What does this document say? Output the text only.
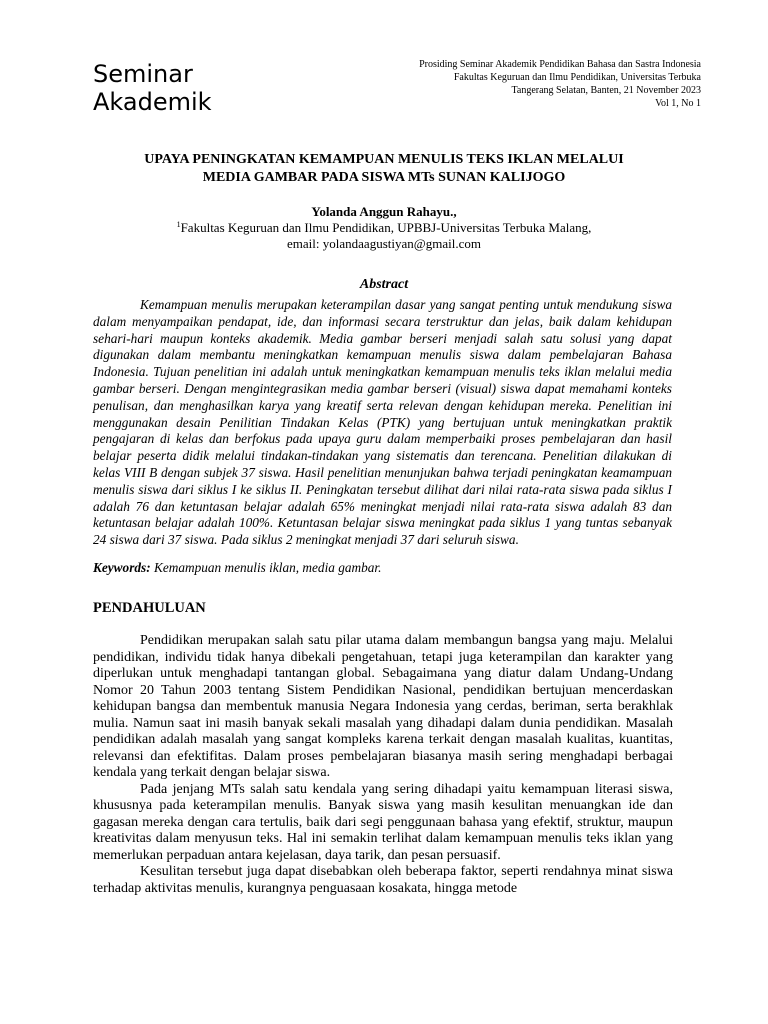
Seminar
Akademik
Prosiding Seminar Akademik Pendidikan Bahasa dan Sastra Indonesia
Fakultas Keguruan dan Ilmu Pendidikan, Universitas Terbuka
Tangerang Selatan, Banten, 21 November 2023
Vol 1, No 1
UPAYA PENINGKATAN KEMAMPUAN MENULIS TEKS IKLAN MELALUI
MEDIA GAMBAR PADA SISWA MTs SUNAN KALIJOGO
Yolanda Anggun Rahayu.,
$^1$Fakultas Keguruan dan Ilmu Pendidikan, UPBBJ-Universitas Terbuka Malang,
email: yolandaagustiyan@gmail.com
Abstract
Kemampuan menulis merupakan keterampilan dasar yang sangat penting untuk mendukung siswa dalam menyampaikan pendapat, ide, dan informasi secara terstruktur dan jelas, baik dalam kehidupan sehari-hari maupun konteks akademik. Media gambar berseri menjadi salah satu solusi yang dapat digunakan dalam membantu meningkatkan kemampuan menulis siswa dalam pembelajaran Bahasa Indonesia. Tujuan penelitian ini adalah untuk meningkatkan kemampuan menulis teks iklan melalui media gambar berseri. Dengan mengintegrasikan media gambar berseri (visual) siswa dapat memahami konteks penulisan, dan menghasilkan karya yang kreatif serta relevan dengan kehidupan mereka. Penelitian ini menggunakan desain Penilitian Tindakan Kelas (PTK) yang bertujuan untuk meningkatkan praktik pengajaran di kelas dan berfokus pada upaya guru dalam memperbaiki proses pembelajaran dan hasil belajar peserta didik melalui tindakan-tindakan yang sistematis dan terencana. Penelitian dilakukan di kelas VIII B dengan subjek 37 siswa. Hasil penelitian menunjukan bahwa terjadi peningkatan keamampuan menulis siswa dari siklus I ke siklus II. Peningkatan tersebut dilihat dari nilai rata-rata siswa pada siklus I adalah 76 dan ketuntasan belajar adalah 65% meningkat menjadi nilai rata-rata siswa adalah 83 dan ketuntasan belajar adalah 100%. Ketuntasan belajar siswa meningkat pada siklus 1 yang tuntas sebanyak 24 siswa dari 37 siswa. Pada siklus 2 meningkat menjadi 37 dari seluruh siswa.
Keywords: Kemampuan menulis iklan, media gambar.
PENDAHULUAN

Pendidikan merupakan salah satu pilar utama dalam membangun bangsa yang maju. Melalui pendidikan, individu tidak hanya dibekali pengetahuan, tetapi juga keterampilan dan karakter yang diperlukan untuk menghadapi tantangan global. Sebagaimana yang diatur dalam Undang-Undang Nomor 20 Tahun 2003 tentang Sistem Pendidikan Nasional, pendidikan bertujuan mencerdaskan kehidupan bangsa dan membentuk manusia Negara Indonesia yang cerdas, beriman, serta berakhlak mulia. Namun saat ini masih banyak sekali masalah yang dihadapi dalam dunia pendidikan. Masalah pendidikan adalah masalah yang sangat kompleks karena terkait dengan masalah kualitas, kuantitas, relevansi dan efektifitas. Dalam proses pembelajaran biasanya masih sering menghadapi berbagai kendala yang terkait dengan belajar siswa.

Pada jenjang MTs salah satu kendala yang sering dihadapi yaitu kemampuan literasi siswa, khususnya pada keterampilan menulis. Banyak siswa yang masih kesulitan menuangkan ide dan gagasan mereka dengan cara tertulis, baik dari segi penggunaan bahasa yang efektif, struktur, maupun kreativitas dalam menyusun teks. Hal ini semakin terlihat dalam kemampuan menulis teks iklan yang memerlukan perpaduan antara kejelasan, daya tarik, dan pesan persuasif.

Kesulitan tersebut juga dapat disebabkan oleh beberapa faktor, seperti rendahnya minat siswa terhadap aktivitas menulis, kurangnya penguasaan kosakata, hingga metode
